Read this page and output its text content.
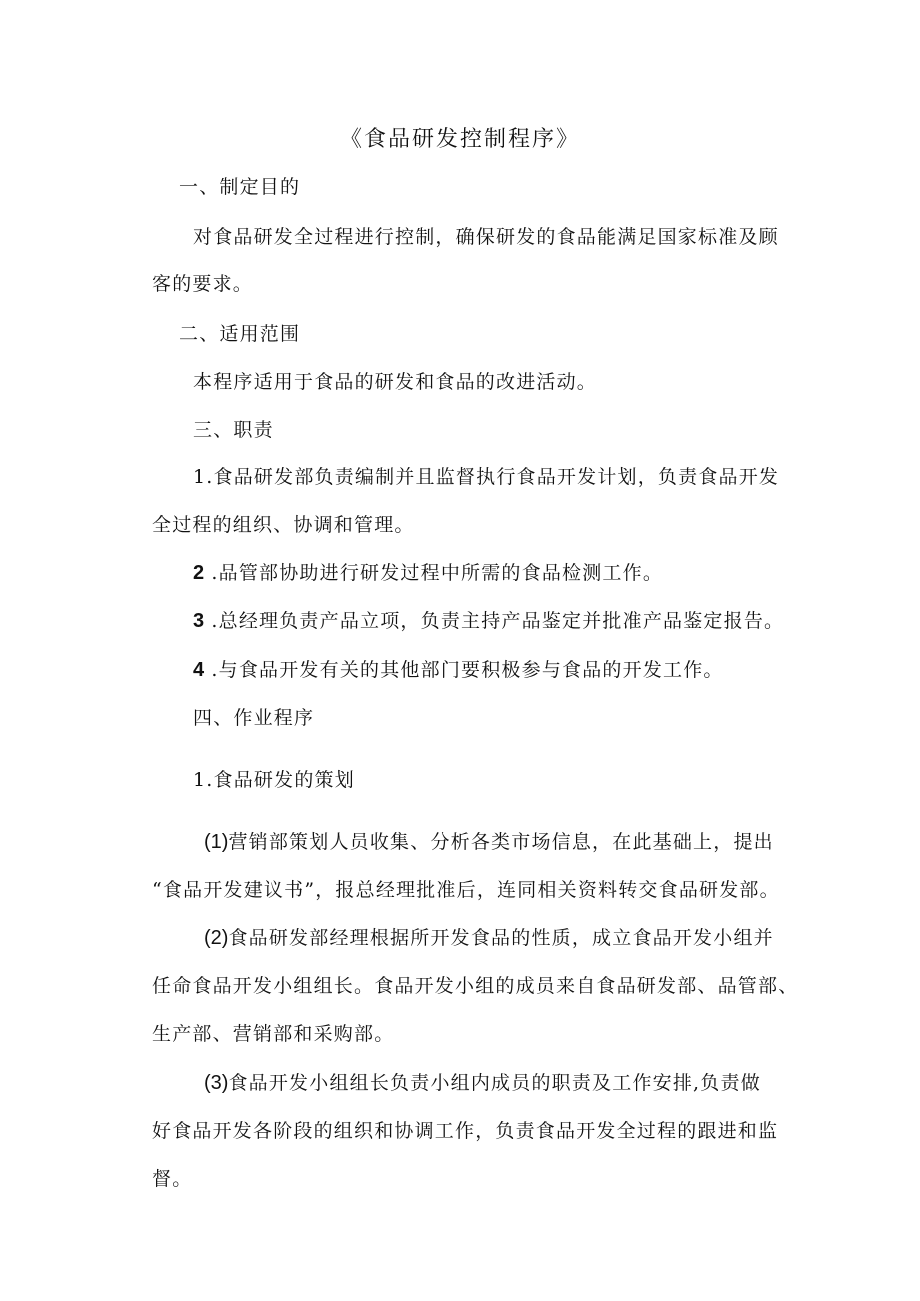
《食品研发控制程序》
一、制定目的
对食品研发全过程进行控制，确保研发的食品能满足国家标准及顾
客的要求。
二、适用范围
本程序适用于食品的研发和食品的改进活动。
三、职责
1.食品研发部负责编制并且监督执行食品开发计划，负责食品开发
全过程的组织、协调和管理。
2 .品管部协助进行研发过程中所需的食品检测工作。
3 .总经理负责产品立项，负责主持产品鉴定并批准产品鉴定报告。
4 .与食品开发有关的其他部门要积极参与食品的开发工作。
四、作业程序
1.食品研发的策划
(1)营销部策划人员收集、分析各类市场信息，在此基础上，提出
“食品开发建议书”，报总经理批准后，连同相关资料转交食品研发部。
(2)食品研发部经理根据所开发食品的性质，成立食品开发小组并
任命食品开发小组组长。食品开发小组的成员来自食品研发部、品管部、
生产部、营销部和采购部。
(3)食品开发小组组长负责小组内成员的职责及工作安排,负责做
好食品开发各阶段的组织和协调工作，负责食品开发全过程的跟进和监
督。
